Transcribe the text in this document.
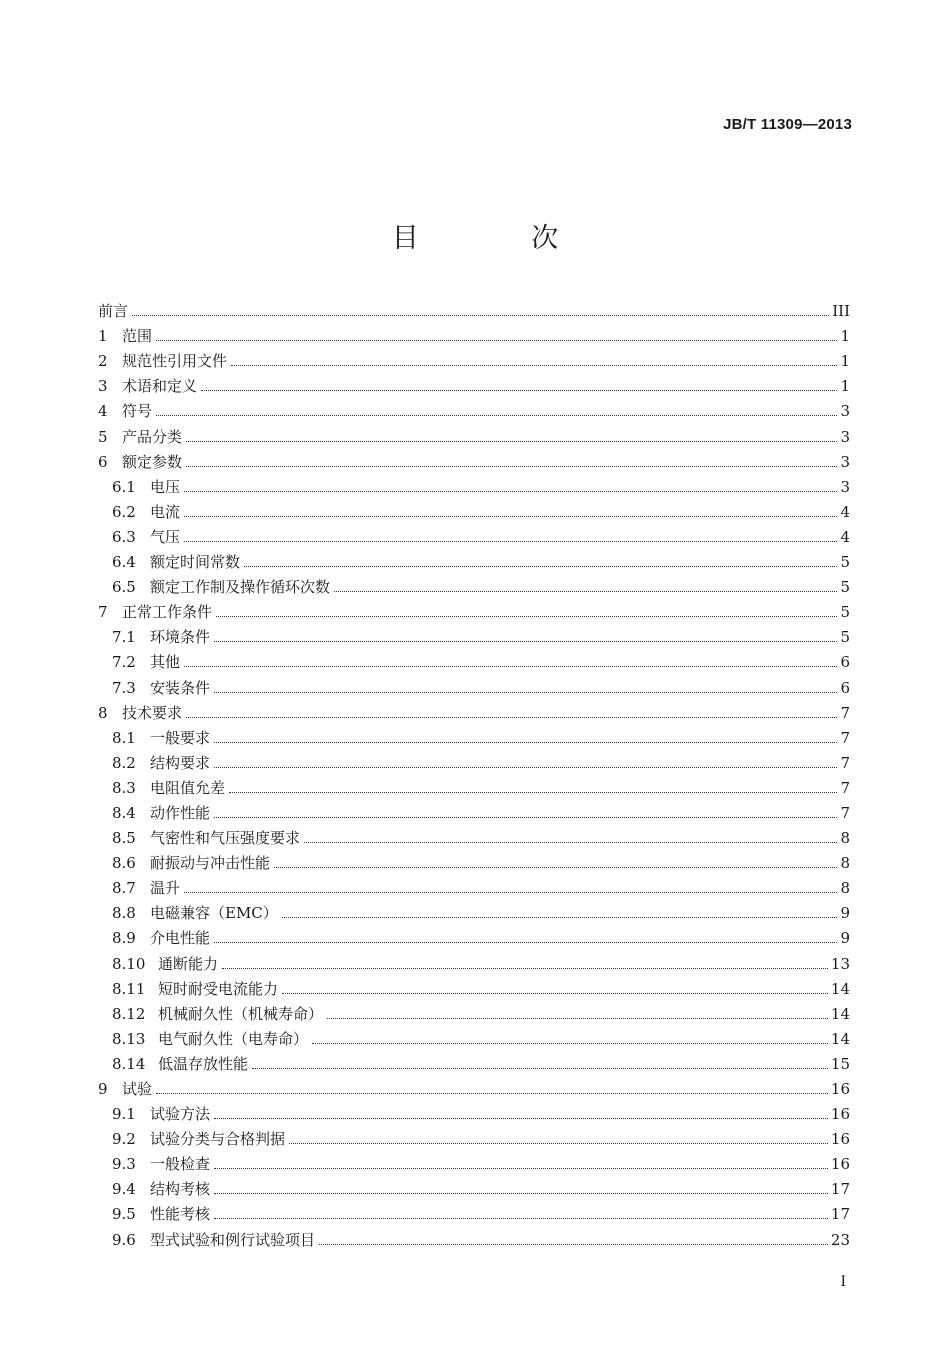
JB/T 11309—2013
目 次
前言	III
1 范围	1
2 规范性引用文件	1
3 术语和定义	1
4 符号	3
5 产品分类	3
6 额定参数	3
6.1 电压	3
6.2 电流	4
6.3 气压	4
6.4 额定时间常数	5
6.5 额定工作制及操作循环次数	5
7 正常工作条件	5
7.1 环境条件	5
7.2 其他	6
7.3 安装条件	6
8 技术要求	7
8.1 一般要求	7
8.2 结构要求	7
8.3 电阻值允差	7
8.4 动作性能	7
8.5 气密性和气压强度要求	8
8.6 耐振动与冲击性能	8
8.7 温升	8
8.8 电磁兼容（EMC）	9
8.9 介电性能	9
8.10 通断能力	13
8.11 短时耐受电流能力	14
8.12 机械耐久性（机械寿命）	14
8.13 电气耐久性（电寿命）	14
8.14 低温存放性能	15
9 试验	16
9.1 试验方法	16
9.2 试验分类与合格判据	16
9.3 一般检查	16
9.4 结构考核	17
9.5 性能考核	17
9.6 型式试验和例行试验项目	23
I
